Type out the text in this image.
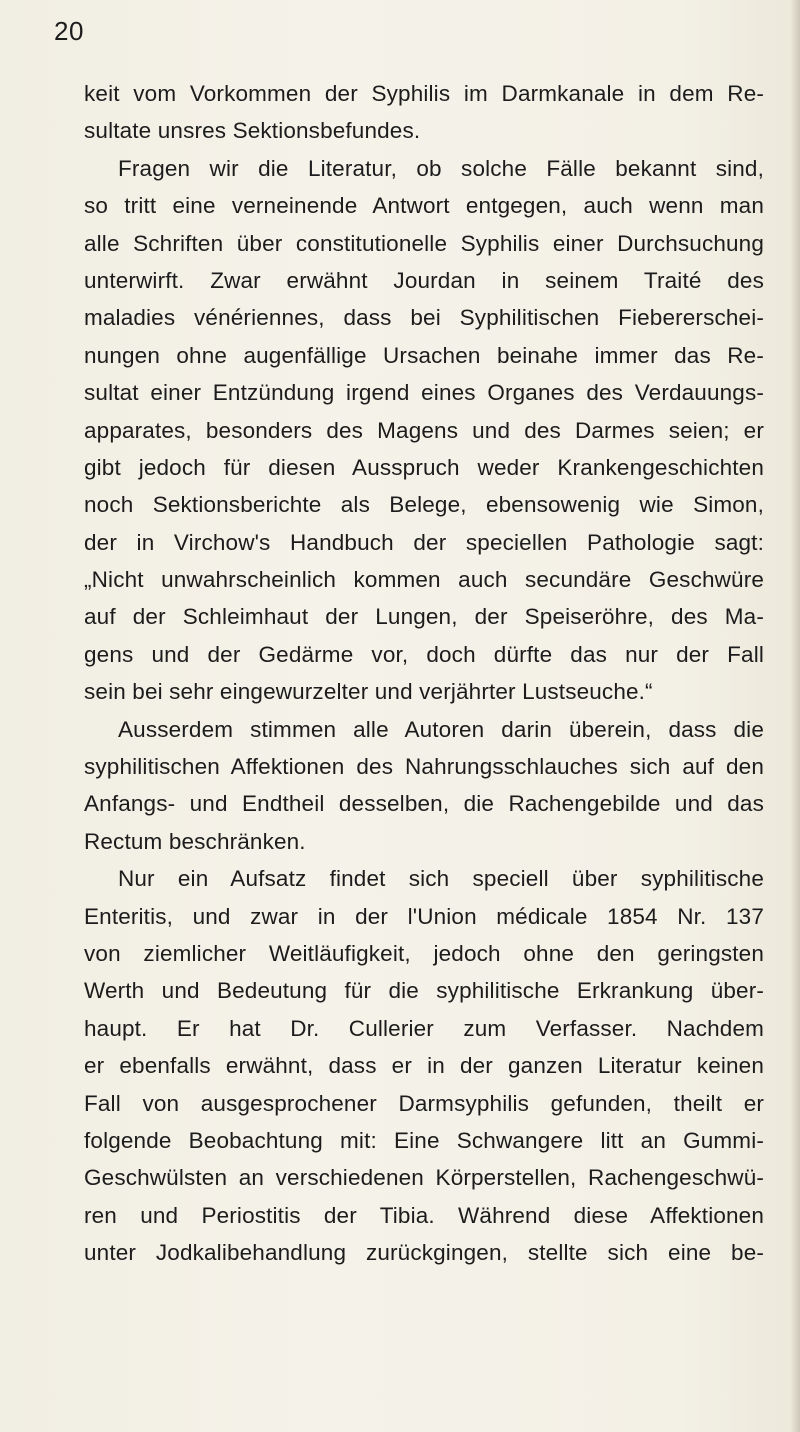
20
keit vom Vorkommen der Syphilis im Darmkanale in dem Re-
sultate unsres Sektionsbefundes.
Fragen wir die Literatur, ob solche Fälle bekannt sind,
so tritt eine verneinende Antwort entgegen, auch wenn man
alle Schriften über constitutionelle Syphilis einer Durchsuchung
unterwirft. Zwar erwähnt Jourdan in seinem Traité des
maladies vénériennes, dass bei Syphilitischen Fiebererschei-
nungen ohne augenfällige Ursachen beinahe immer das Re-
sultat einer Entzündung irgend eines Organes des Verdauungs-
apparates, besonders des Magens und des Darmes seien; er
gibt jedoch für diesen Ausspruch weder Krankengeschichten
noch Sektionsberichte als Belege, ebensowenig wie Simon,
der in Virchow's Handbuch der speciellen Pathologie sagt:
„Nicht unwahrscheinlich kommen auch secundäre Geschwüre
auf der Schleimhaut der Lungen, der Speiseröhre, des Ma-
gens und der Gedärme vor, doch dürfte das nur der Fall
sein bei sehr eingewurzelter und verjährter Lustseuche.“
Ausserdem stimmen alle Autoren darin überein, dass die
syphilitischen Affektionen des Nahrungsschlauches sich auf den
Anfangs- und Endtheil desselben, die Rachengebilde und das
Rectum beschränken.
Nur ein Aufsatz findet sich speciell über syphilitische
Enteritis, und zwar in der l'Union médicale 1854 Nr. 137
von ziemlicher Weitläufigkeit, jedoch ohne den geringsten
Werth und Bedeutung für die syphilitische Erkrankung über-
haupt. Er hat Dr. Cullerier zum Verfasser. Nachdem
er ebenfalls erwähnt, dass er in der ganzen Literatur keinen
Fall von ausgesprochener Darmsyphilis gefunden, theilt er
folgende Beobachtung mit: Eine Schwangere litt an Gummi-
Geschwülsten an verschiedenen Körperstellen, Rachengeschwü-
ren und Periostitis der Tibia. Während diese Affektionen
unter Jodkalibehandlung zurückgingen, stellte sich eine be-
